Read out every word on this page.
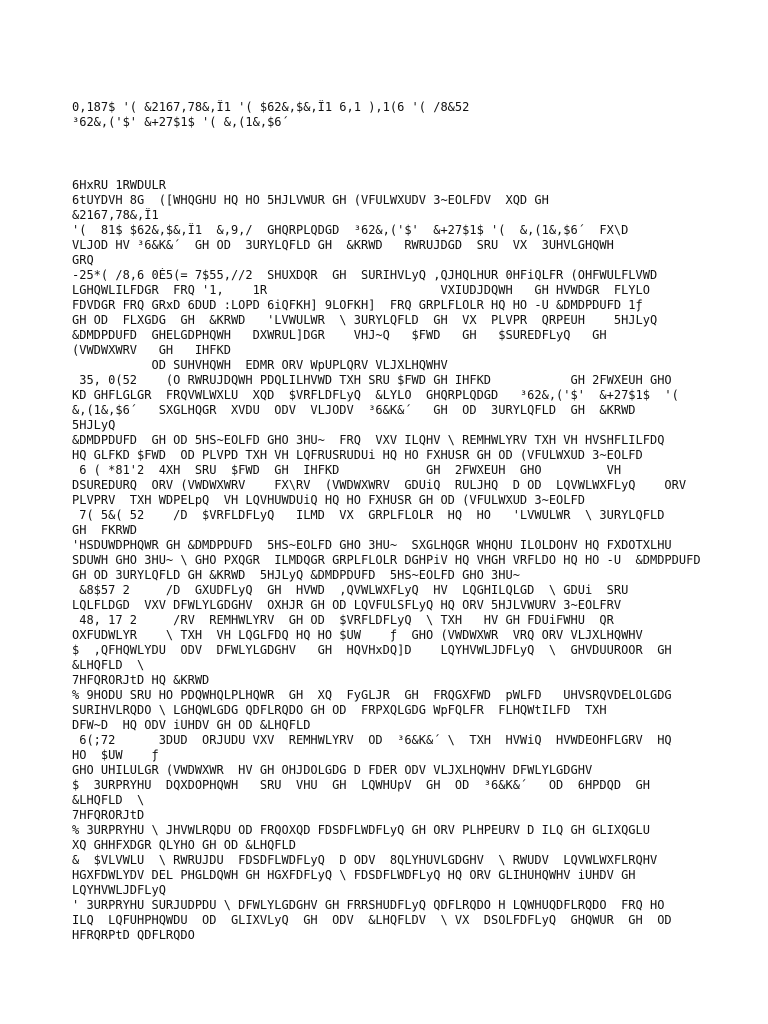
0,187$ '( &2167,78&,Ï1 '( $62&,$&,Ï1 6,1 ),1(6 '( /8&52
³62&,('$' &+27$1$ '( &,(1&,$6´
6HxRU 1RWDULR
6tUYDVH 8G  ([WHQGHU HQ HO 5HJLVWUR GH (VFULWXUDV 3~EOLFDV  XQD GH
&2167,78&,Ï1
'(  81$ $62&,$&,Ï1  &,9,/  GHQRPLQDGD  ³62&,('$'  &+27$1$ '(  &,(1&,$6´  FX\D
VLJOD HV ³6&K&´  GH OD  3URYLQFLD GH  &KRWD   RWRUJDGD  SRU  VX  3UHVLGHQWH
GRQ
-25*( /8,6 0È5(= 7$55,//2  SHUXDQR  GH  SURIHVLyQ ,QJHQLHUR 0HFiQLFR (OHFWULFLVWD
LGHQWLILFDGR  FRQ '1,    1R                        VXIUDJDQWH   GH HVWDGR  FLYLO
FDVDGR FRQ GRxD 6DUD :LOPD 6iQFKH] 9LOFKH]  FRQ GRPLFLOLR HQ HO -U &DMDPDUFD 1ƒ
GH OD  FLXGDG  GH  &KRWD   'LVWULWR  \ 3URYLQFLD  GH  VX  PLVPR  QRPEUH    5HJLyQ
&DMDPDUFD  GHELGDPHQWH   DXWRUL]DGR    VHJ~Q   $FWD   GH   $SUREDFLyQ   GH
(VWDWXWRV   GH   IHFKD
OD SUHVHQWH  EDMR ORV WpUPLQRV VLJXLHQWHV
35, 0(52    (O RWRUJDQWH PDQLILHVWD TXH SRU $FWD GH IHFKD           GH 2FWXEUH GHO
KD GHFLGLGR  FRQVWLWXLU  XQD  $VRFLDFLyQ  &LYLO  GHQRPLQDGD   ³62&,('$'  &+27$1$  '(
&,(1&,$6´   SXGLHQGR  XVDU  ODV  VLJODV  ³6&K&´   GH  OD  3URYLQFLD  GH  &KRWD
5HJLyQ
&DMDPDUFD  GH OD 5HS~EOLFD GHO 3HU~  FRQ  VXV ILQHV \ REMHWLYRV TXH VH HVSHFLILFDQ
HQ GLFKD $FWD  OD PLVPD TXH VH LQFRUSRUDUi HQ HO FXHUSR GH OD (VFULWXUD 3~EOLFD
6 ( *81'2  4XH  SRU  $FWD  GH  IHFKD            GH  2FWXEUH  GHO         VH
DSUREDURQ  ORV (VWDWXWRV    FX\RV  (VWDWXWRV  GDUiQ  RULJHQ  D OD  LQVWLWXFLyQ    ORV
PLVPRV  TXH WDPELpQ  VH LQVHUWDUiQ HQ HO FXHUSR GH OD (VFULWXUD 3~EOLFD
7( 5&( 52    /D  $VRFLDFLyQ   ILMD  VX  GRPLFLOLR  HQ  HO   'LVWULWR  \ 3URYLQFLD
GH  FKRWD
'HSDUWDPHQWR GH &DMDPDUFD  5HS~EOLFD GHO 3HU~  SXGLHQGR WHQHU ILOLDOHV HQ FXDOTXLHU
SDUWH GHO 3HU~ \ GHO PXQGR  ILMDQGR GRPLFLOLR DGHPiV HQ VHGH VRFLDO HQ HO -U  &DMDPDUFD
GH OD 3URYLQFLD GH &KRWD  5HJLyQ &DMDPDUFD  5HS~EOLFD GHO 3HU~
&8$57 2     /D  GXUDFLyQ  GH  HVWD  ,QVWLWXFLyQ  HV  LQGHILQLGD  \ GDUi  SRU
LQLFLDGD  VXV DFWLYLGDGHV  OXHJR GH OD LQVFULSFLyQ HQ ORV 5HJLVWURV 3~EOLFRV
48, 17 2     /RV  REMHWLYRV  GH OD  $VRFLDFLyQ  \ TXH   HV GH FDUiFWHU  QR
OXFUDWLYR    \ TXH  VH LQGLFDQ HQ HO $UW    ƒ  GHO (VWDWXWR  VRQ ORV VLJXLHQWHV
$  ,QFHQWLYDU  ODV  DFWLYLGDGHV   GH  HQVHxDQ]D    LQYHVWLJDFLyQ  \  GHVDUUROOR  GH
&LHQFLD  \
7HFQRORJtD HQ &KRWD
% 9HODU SRU HO PDQWHQLPLHQWR  GH  XQ  FyGLJR  GH  FRQGXFWD  pWLFD   UHVSRQVDELOLGDG
SURIHVLRQDO \ LGHQWLGDG QDFLRQDO GH OD  FRPXQLGDG WpFQLFR  FLHQWtILFD  TXH
DFW~D  HQ ODV iUHDV GH OD &LHQFLD
6(;72      3DUD  ORJUDU VXV  REMHWLYRV  OD  ³6&K&´ \  TXH  HVWiQ  HVWDEOHFLGRV  HQ
HO  $UW    ƒ
GHO UHILULGR (VWDWXWR  HV GH OHJDOLGDG D FDER ODV VLJXLHQWHV DFWLYLGDGHV
$  3URPRYHU  DQXDOPHQWH   SRU  VHU  GH  LQWHUpV  GH  OD  ³6&K&´   OD  6HPDQD  GH
&LHQFLD  \
7HFQRORJtD
% 3URPRYHU \ JHVWLRQDU OD FRQOXQD FDSDFLWDFLyQ GH ORV PLHPEURV D ILQ GH GLIXQGLU
XQ GHHFXDGR QLYHO GH OD &LHQFLD
&  $VLVWLU  \ RWRUJDU  FDSDFLWDFLyQ  D ODV  8QLYHUVLGDGHV  \ RWUDV  LQVWLWXFLRQHV
HGXFDWLYDV DEL PHGLDQWH GH HGXFDFLyQ \ FDSDFLWDFLyQ HQ ORV GLIHUHQWHV iUHDV GH
LQYHVWLJDFLyQ
' 3URPRYHU SURJUDPDU \ DFWLYLGDGHV GH FRRSHUDFLyQ QDFLRQDO H LQWHUQDFLRQDO  FRQ HO
ILQ  LQFUHPHQWDU  OD  GLIXVLyQ  GH  ODV  &LHQFLDV  \ VX  DSOLFDFLyQ  GHQWUR  GH  OD
HFRQRPtD QDFLRQDO
